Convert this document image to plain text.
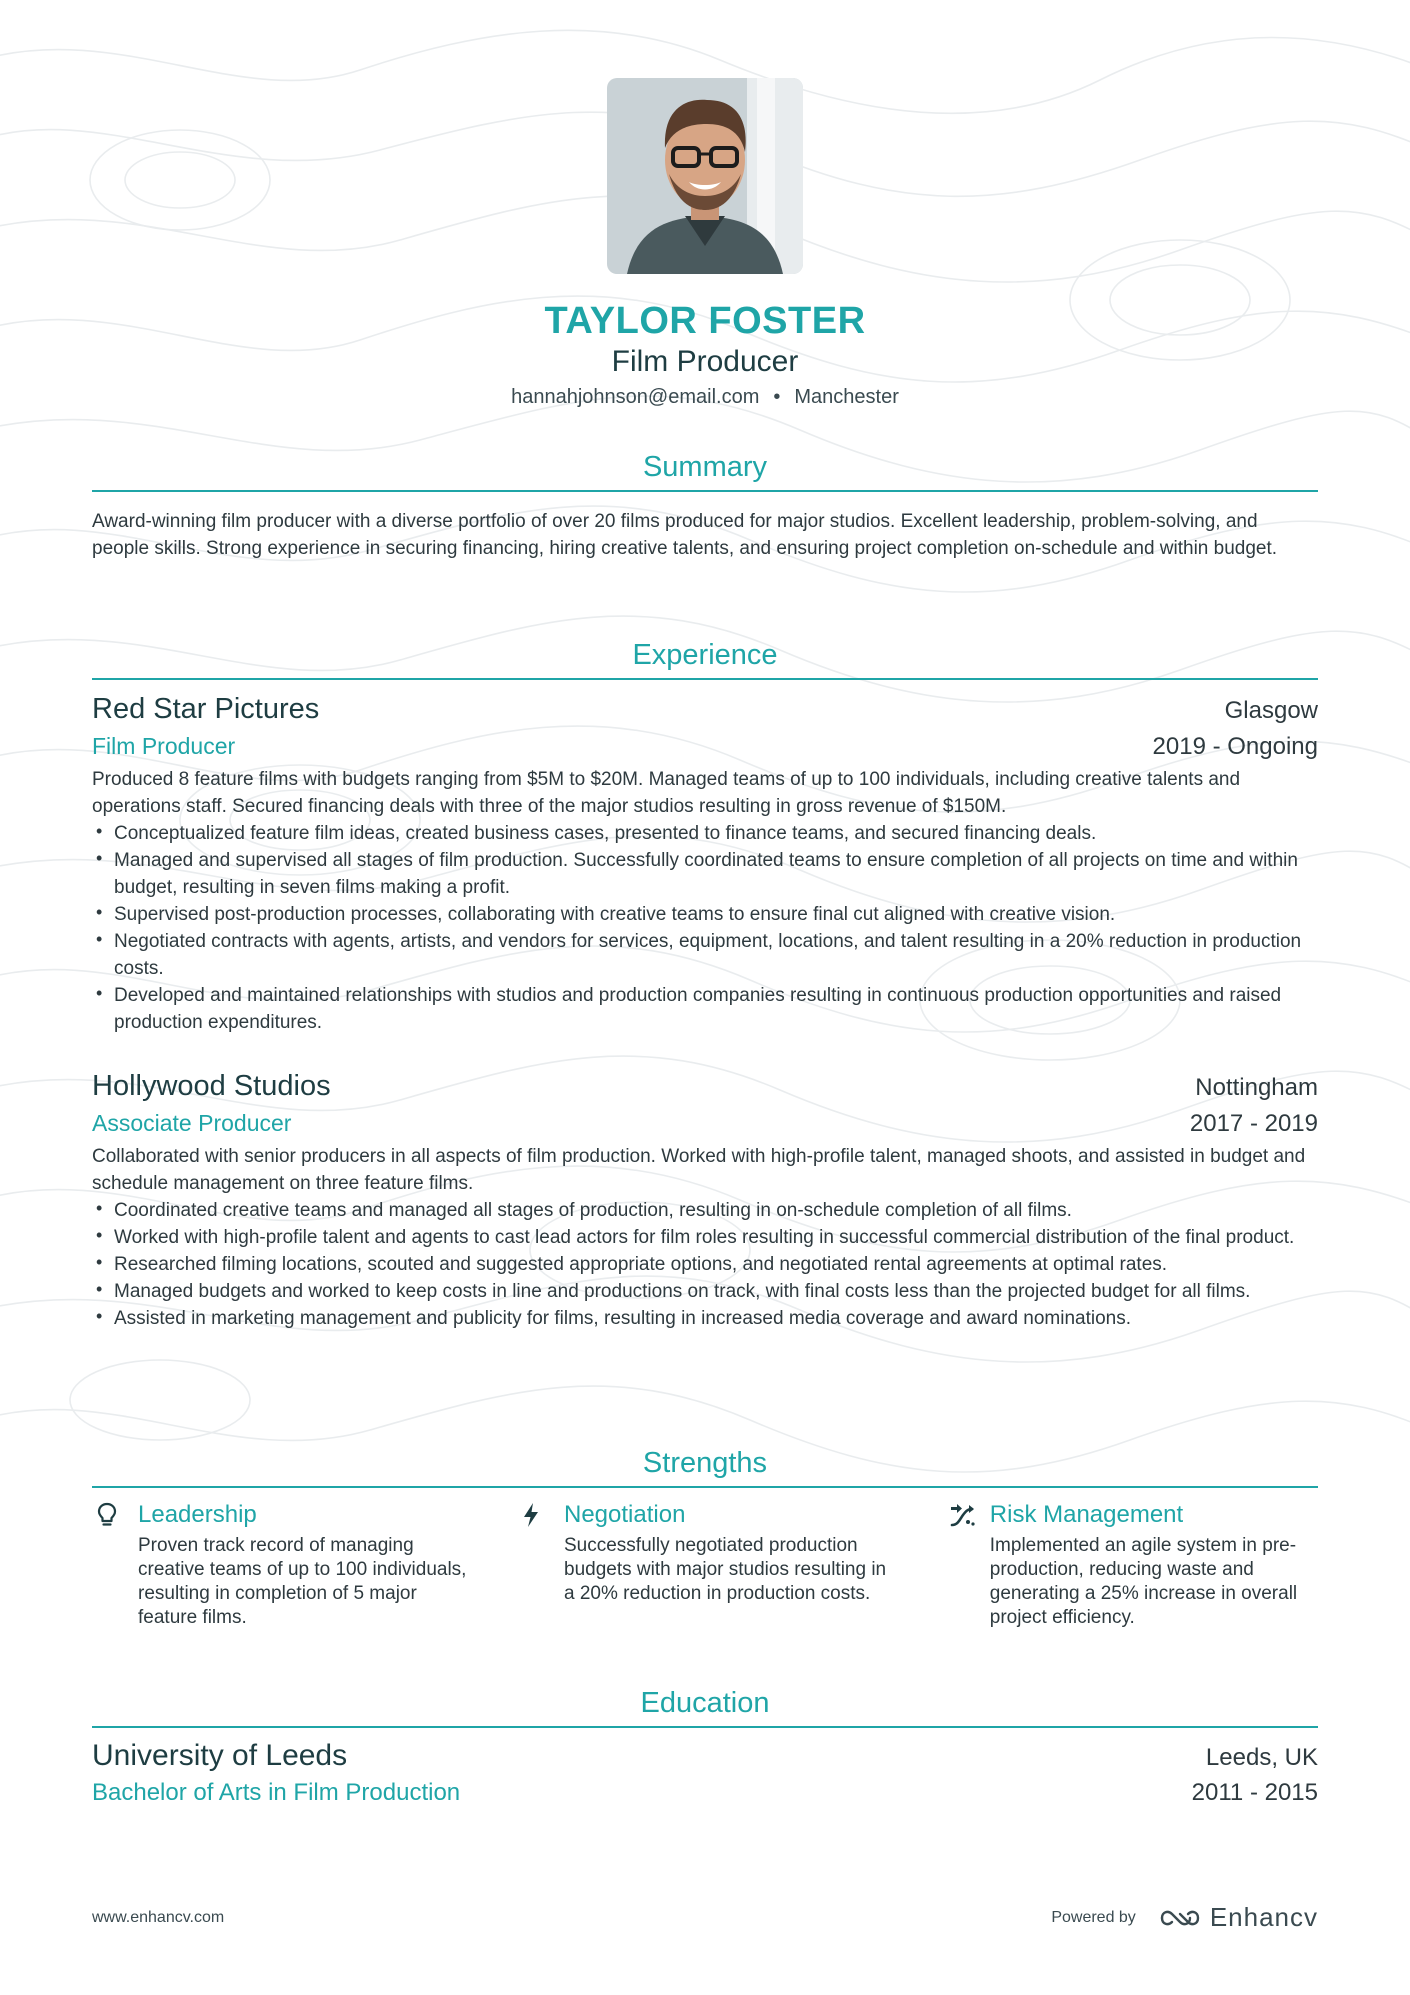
TAYLOR FOSTER
Film Producer
hannahjohnson@email.com • Manchester
Summary
Award-winning film producer with a diverse portfolio of over 20 films produced for major studios. Excellent leadership, problem-solving, and people skills. Strong experience in securing financing, hiring creative talents, and ensuring project completion on-schedule and within budget.
Experience
Red Star Pictures	Glasgow
Film Producer	2019 - Ongoing
Produced 8 feature films with budgets ranging from $5M to $20M. Managed teams of up to 100 individuals, including creative talents and operations staff. Secured financing deals with three of the major studios resulting in gross revenue of $150M.
• Conceptualized feature film ideas, created business cases, presented to finance teams, and secured financing deals.
• Managed and supervised all stages of film production. Successfully coordinated teams to ensure completion of all projects on time and within budget, resulting in seven films making a profit.
• Supervised post-production processes, collaborating with creative teams to ensure final cut aligned with creative vision.
• Negotiated contracts with agents, artists, and vendors for services, equipment, locations, and talent resulting in a 20% reduction in production costs.
• Developed and maintained relationships with studios and production companies resulting in continuous production opportunities and raised production expenditures.
Hollywood Studios	Nottingham
Associate Producer	2017 - 2019
Collaborated with senior producers in all aspects of film production. Worked with high-profile talent, managed shoots, and assisted in budget and schedule management on three feature films.
• Coordinated creative teams and managed all stages of production, resulting in on-schedule completion of all films.
• Worked with high-profile talent and agents to cast lead actors for film roles resulting in successful commercial distribution of the final product.
• Researched filming locations, scouted and suggested appropriate options, and negotiated rental agreements at optimal rates.
• Managed budgets and worked to keep costs in line and productions on track, with final costs less than the projected budget for all films.
• Assisted in marketing management and publicity for films, resulting in increased media coverage and award nominations.
Strengths
Leadership
Proven track record of managing creative teams of up to 100 individuals, resulting in completion of 5 major feature films.
Negotiation
Successfully negotiated production budgets with major studios resulting in a 20% reduction in production costs.
Risk Management
Implemented an agile system in pre-production, reducing waste and generating a 25% increase in overall project efficiency.
Education
University of Leeds	Leeds, UK
Bachelor of Arts in Film Production	2011 - 2015
www.enhancv.com	Powered by	Enhancv
